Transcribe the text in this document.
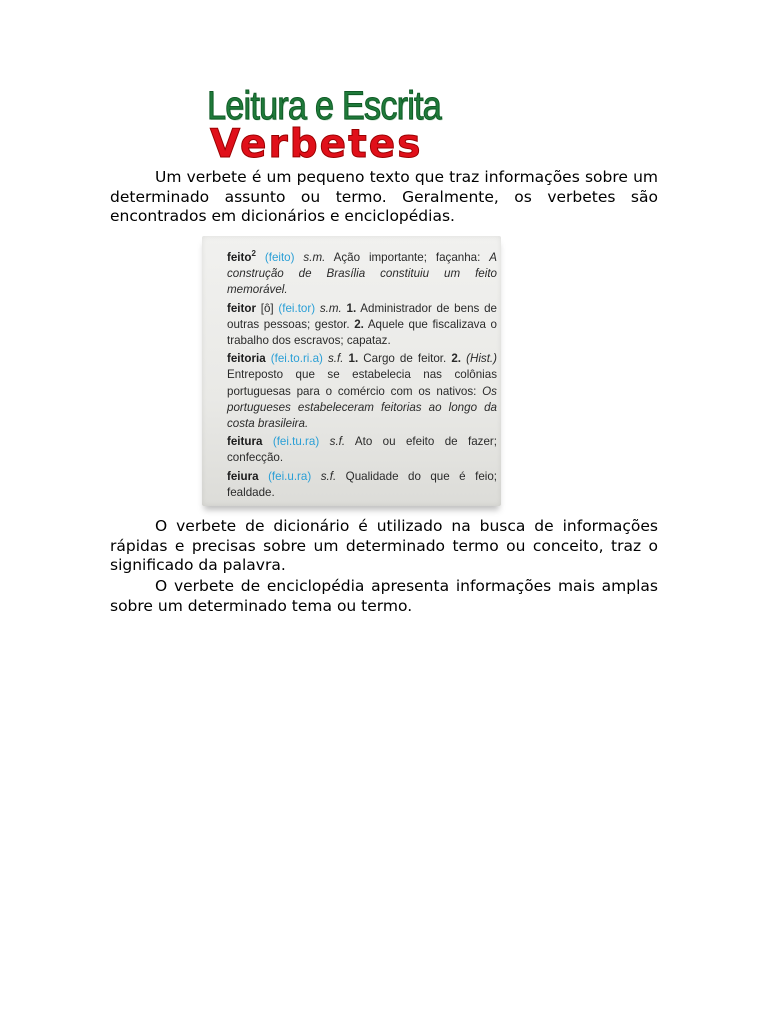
Leitura e Escrita
Verbetes

Um verbete é um pequeno texto que traz informações sobre um determinado assunto ou termo. Geralmente, os verbetes são encontrados em dicionários e enciclopédias.

feito$^2$ (feito) s.m. Ação importante; façanha: A construção de Brasília constituiu um feito memorável.
feitor [ô] (fei.tor) s.m. 1. Administrador de bens de outras pessoas; gestor. 2. Aquele que fiscalizava o trabalho dos escravos; capataz.
feitoria (fei.to.ri.a) s.f. 1. Cargo de feitor. 2. (Hist.) Entreposto que se estabelecia nas colônias portuguesas para o comércio com os nativos: Os portugueses estabeleceram feitorias ao longo da costa brasileira.
feitura (fei.tu.ra) s.f. Ato ou efeito de fazer; confecção.
feiura (fei.u.ra) s.f. Qualidade do que é feio; fealdade.

O verbete de dicionário é utilizado na busca de informações rápidas e precisas sobre um determinado termo ou conceito, traz o significado da palavra.

O verbete de enciclopédia apresenta informações mais amplas sobre um determinado tema ou termo.
